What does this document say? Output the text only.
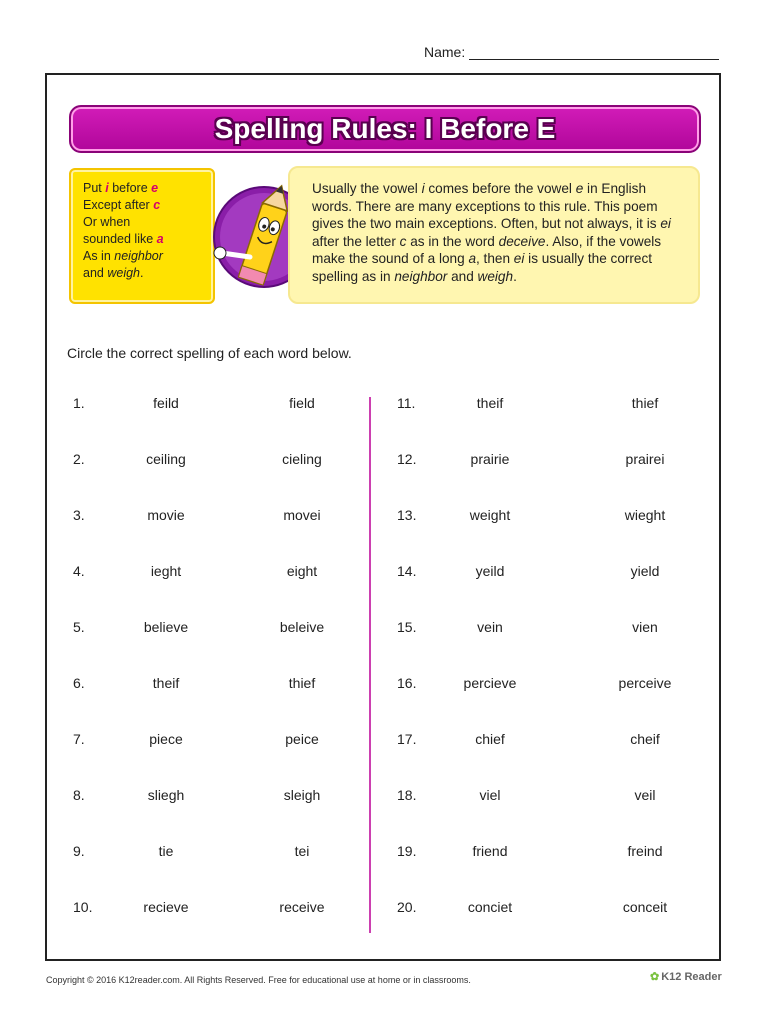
Name:
Spelling Rules: I Before E
Put i before e
Except after c
Or when
sounded like a
As in neighbor
and weigh.
Usually the vowel i comes before the vowel e in English words. There are many exceptions to this rule. This poem gives the two main exceptions. Often, but not always, it is ei after the letter c as in the word deceive. Also, if the vowels make the sound of a long a, then ei is usually the correct spelling as in neighbor and weigh.
Circle the correct spelling of each word below.
1.	feild	field
2.	ceiling	cieling
3.	movie	movei
4.	ieght	eight
5.	believe	beleive
6.	theif	thief
7.	piece	peice
8.	sliegh	sleigh
9.	tie	tei
10.	recieve	receive
11.	theif	thief
12.	prairie	prairei
13.	weight	wieght
14.	yeild	yield
15.	vein	vien
16.	percieve	perceive
17.	chief	cheif
18.	viel	veil
19.	friend	freind
20.	conciet	conceit
Copyright © 2016 K12reader.com. All Rights Reserved. Free for educational use at home or in classrooms.	✿ K12 Reader
